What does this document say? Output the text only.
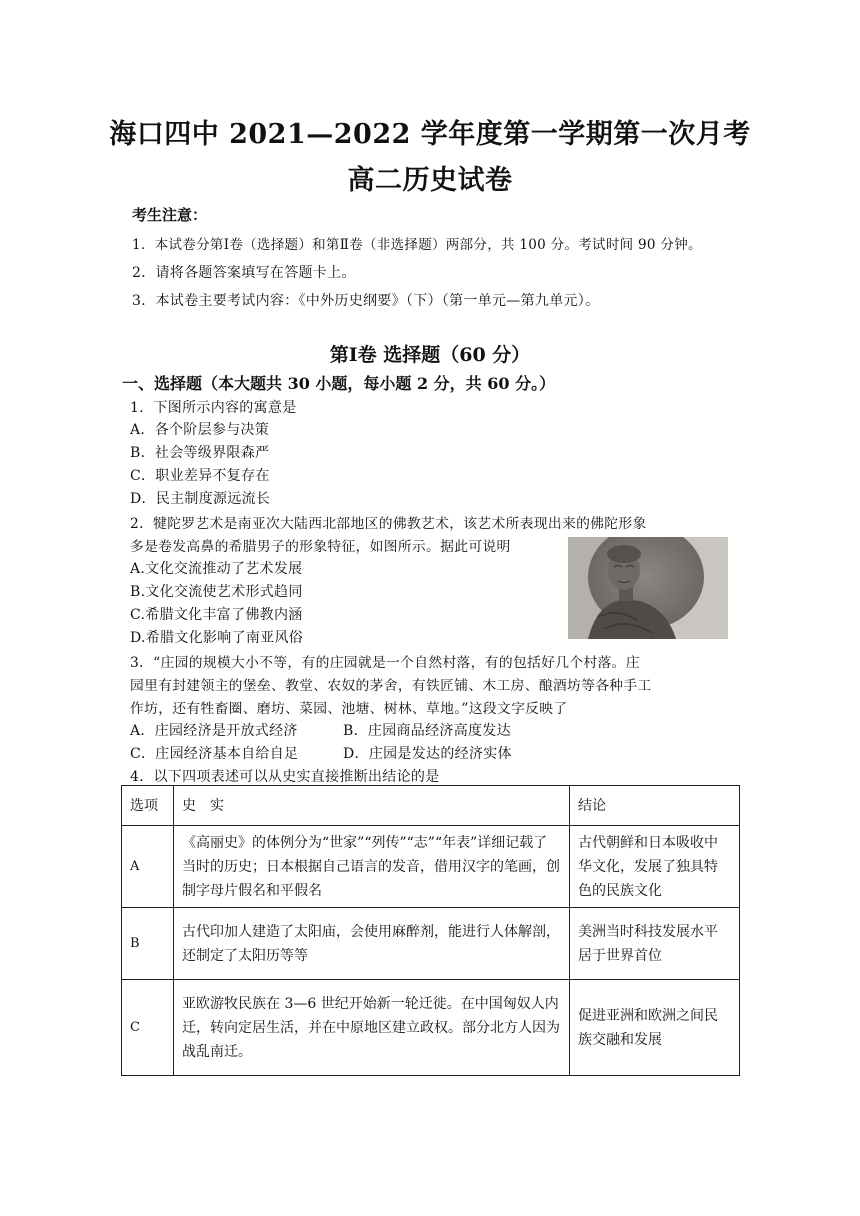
海口四中 2021—2022 学年度第一学期第一次月考
高二历史试卷
考生注意：
1．本试卷分第Ⅰ卷（选择题）和第Ⅱ卷（非选择题）两部分，共 100 分。考试时间 90 分钟。
2．请将各题答案填写在答题卡上。
3．本试卷主要考试内容：《中外历史纲要》（下）（第一单元—第九单元）。
第Ⅰ卷 选择题（60 分）
一、选择题（本大题共 30 小题，每小题 2 分，共 60 分。）
1．下图所示内容的寓意是
A．各个阶层参与决策
B．社会等级界限森严
C．职业差异不复存在
D．民主制度源远流长
2．犍陀罗艺术是南亚次大陆西北部地区的佛教艺术，该艺术所表现出来的佛陀形象
多是卷发高鼻的希腊男子的形象特征，如图所示。据此可说明
A.文化交流推动了艺术发展
B.文化交流使艺术形式趋同
C.希腊文化丰富了佛教内涵
D.希腊文化影响了南亚风俗
3．“庄园的规模大小不等，有的庄园就是一个自然村落，有的包括好几个村落。庄
园里有封建领主的堡垒、教堂、农奴的茅舍，有铁匠铺、木工房、酿酒坊等各种手工
作坊，还有牲畜圈、磨坊、菜园、池塘、树林、草地。”这段文字反映了
A．庄园经济是开放式经济	B．庄园商品经济高度发达
C．庄园经济基本自给自足	D．庄园是发达的经济实体
4．以下四项表述可以从史实直接推断出结论的是
选项	史　实	结论
A	《高丽史》的体例分为“世家”“列传”“志”“年表”详细记载了当时的历史；日本根据自己语言的发音，借用汉字的笔画，创制字母片假名和平假名	古代朝鲜和日本吸收中华文化，发展了独具特色的民族文化
B	古代印加人建造了太阳庙，会使用麻醉剂，能进行人体解剖，还制定了太阳历等等	美洲当时科技发展水平居于世界首位
C	亚欧游牧民族在 3—6 世纪开始新一轮迁徙。在中国匈奴人内迁，转向定居生活，并在中原地区建立政权。部分北方人因为战乱南迁。	促进亚洲和欧洲之间民族交融和发展
